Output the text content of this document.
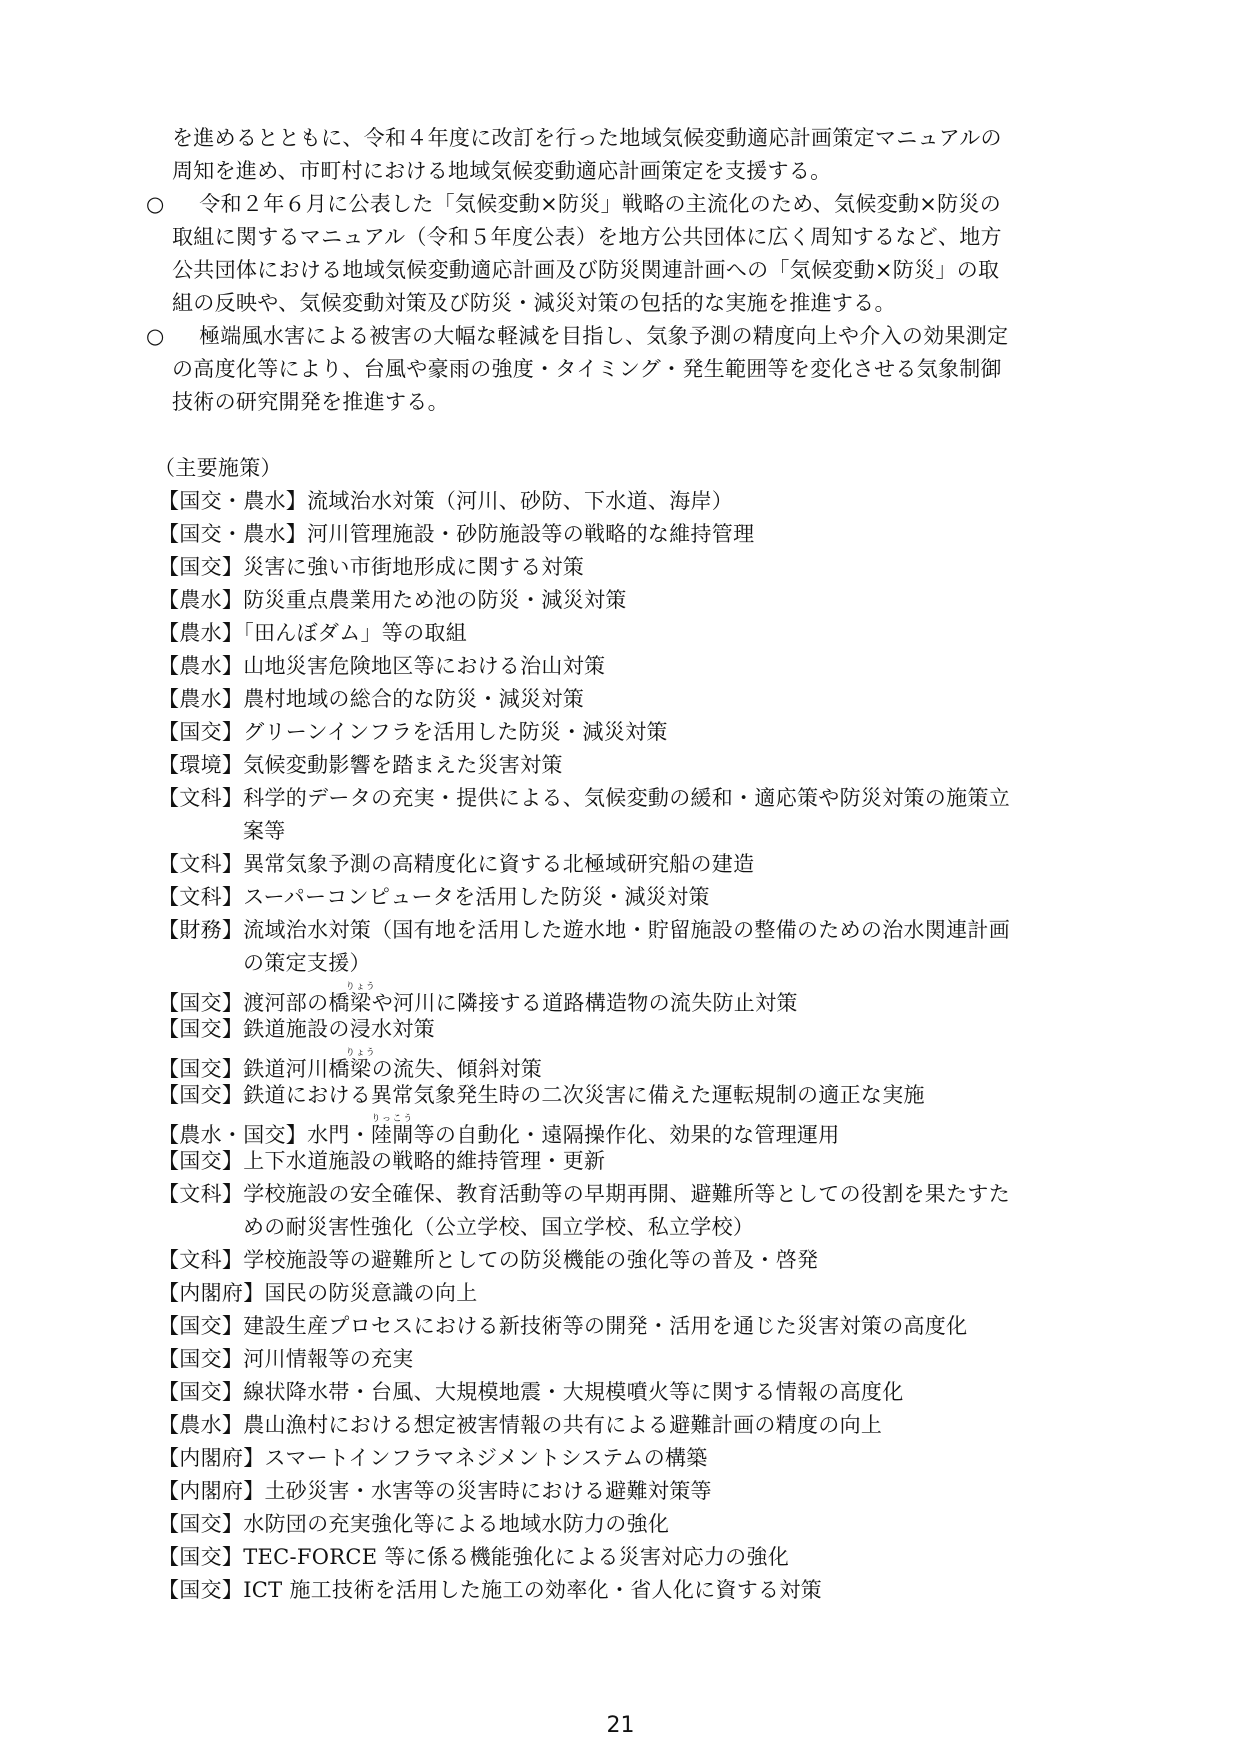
を進めるとともに、令和４年度に改訂を行った地域気候変動適応計画策定マニュアルの
周知を進め、市町村における地域気候変動適応計画策定を支援する。
○ 　令和２年６月に公表した「気候変動×防災」戦略の主流化のため、気候変動×防災の
取組に関するマニュアル（令和５年度公表）を地方公共団体に広く周知するなど、地方
公共団体における地域気候変動適応計画及び防災関連計画への「気候変動×防災」の取
組の反映や、気候変動対策及び防災・減災対策の包括的な実施を推進する。
○ 極端風水害による被害の大幅な軽減を目指し、気象予測の精度向上や介入の効果測定
の高度化等により、台風や豪雨の強度・タイミング・発生範囲等を変化させる気象制御
技術の研究開発を推進する。
（主要施策）
【国交・農水】流域治水対策（河川、砂防、下水道、海岸）
【国交・農水】河川管理施設・砂防施設等の戦略的な維持管理
【国交】災害に強い市街地形成に関する対策
【農水】防災重点農業用ため池の防災・減災対策
【農水】「田んぼダム」等の取組
【農水】山地災害危険地区等における治山対策
【農水】農村地域の総合的な防災・減災対策
【国交】グリーンインフラを活用した防災・減災対策
【環境】気候変動影響を踏まえた災害対策
【文科】科学的データの充実・提供による、気候変動の緩和・適応策や防災対策の施策立
案等
【文科】異常気象予測の高精度化に資する北極域研究船の建造
【文科】スーパーコンピュータを活用した防災・減災対策
【財務】流域治水対策（国有地を活用した遊水地・貯留施設の整備のための治水関連計画
の策定支援）
【国交】渡河部の橋梁りょうや河川に隣接する道路構造物の流失防止対策
【国交】鉄道施設の浸水対策
【国交】鉄道河川橋梁りょうの流失、傾斜対策
【国交】鉄道における異常気象発生時の二次災害に備えた運転規制の適正な実施
【農水・国交】水門・陸閘りっこう等の自動化・遠隔操作化、効果的な管理運用
【国交】上下水道施設の戦略的維持管理・更新
【文科】学校施設の安全確保、教育活動等の早期再開、避難所等としての役割を果たすた
めの耐災害性強化（公立学校、国立学校、私立学校）
【文科】学校施設等の避難所としての防災機能の強化等の普及・啓発
【内閣府】国民の防災意識の向上
【国交】建設生産プロセスにおける新技術等の開発・活用を通じた災害対策の高度化
【国交】河川情報等の充実
【国交】線状降水帯・台風、大規模地震・大規模噴火等に関する情報の高度化
【農水】農山漁村における想定被害情報の共有による避難計画の精度の向上
【内閣府】スマートインフラマネジメントシステムの構築
【内閣府】土砂災害・水害等の災害時における避難対策等
【国交】水防団の充実強化等による地域水防力の強化
【国交】TEC-FORCE 等に係る機能強化による災害対応力の強化
【国交】ICT 施工技術を活用した施工の効率化・省人化に資する対策
21
